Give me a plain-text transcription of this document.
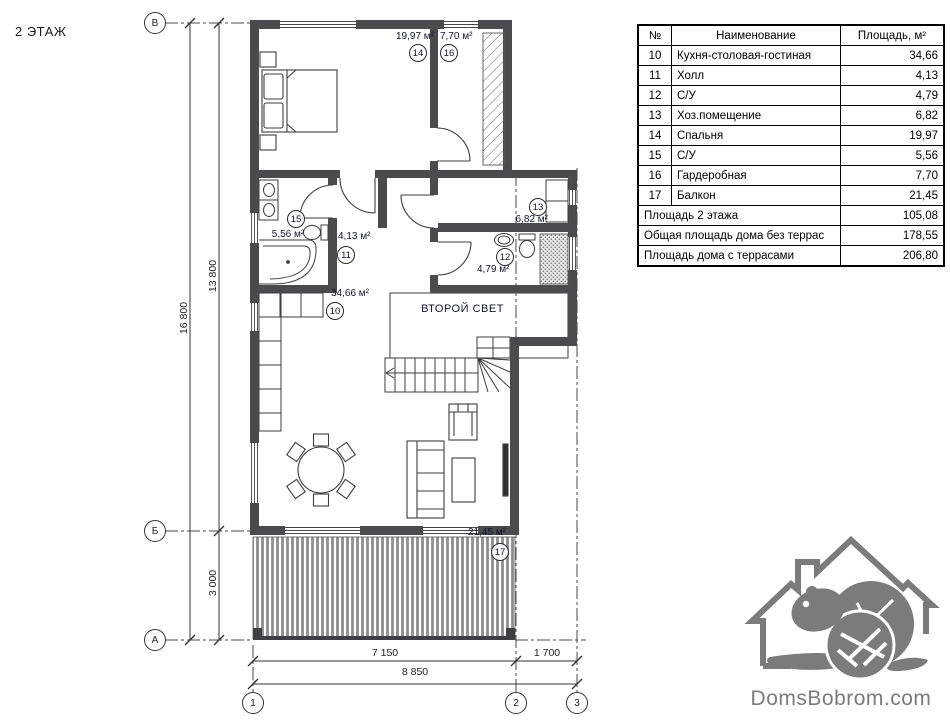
2 ЭТАЖ	19,97 м²
14
7,70 м²
16
15
5,56 м²	4,13 м²
11
13
6,82 м²
12
4,79 м²
34,66 м²
10
21,45 м²
17
ВТОРОЙ СВЕТ
В
Б
А
1	2	3
16 800
13 800
3 000
7 150	1 700
8 850
№	Наименование	Площадь, м²
10	Кухня-столовая-гостиная	34,66
11	Холл	4,13
12	С/У	4,79
13	Хоз.помещение	6,82
14	Спальня	19,97
15	С/У	5,56
16	Гардеробная	7,70
17	Балкон	21,45
Площадь 2 этажа		105,08
Общая площадь дома без террас		178,55
Площадь дома с террасами		206,80
DomsBobrom.com
